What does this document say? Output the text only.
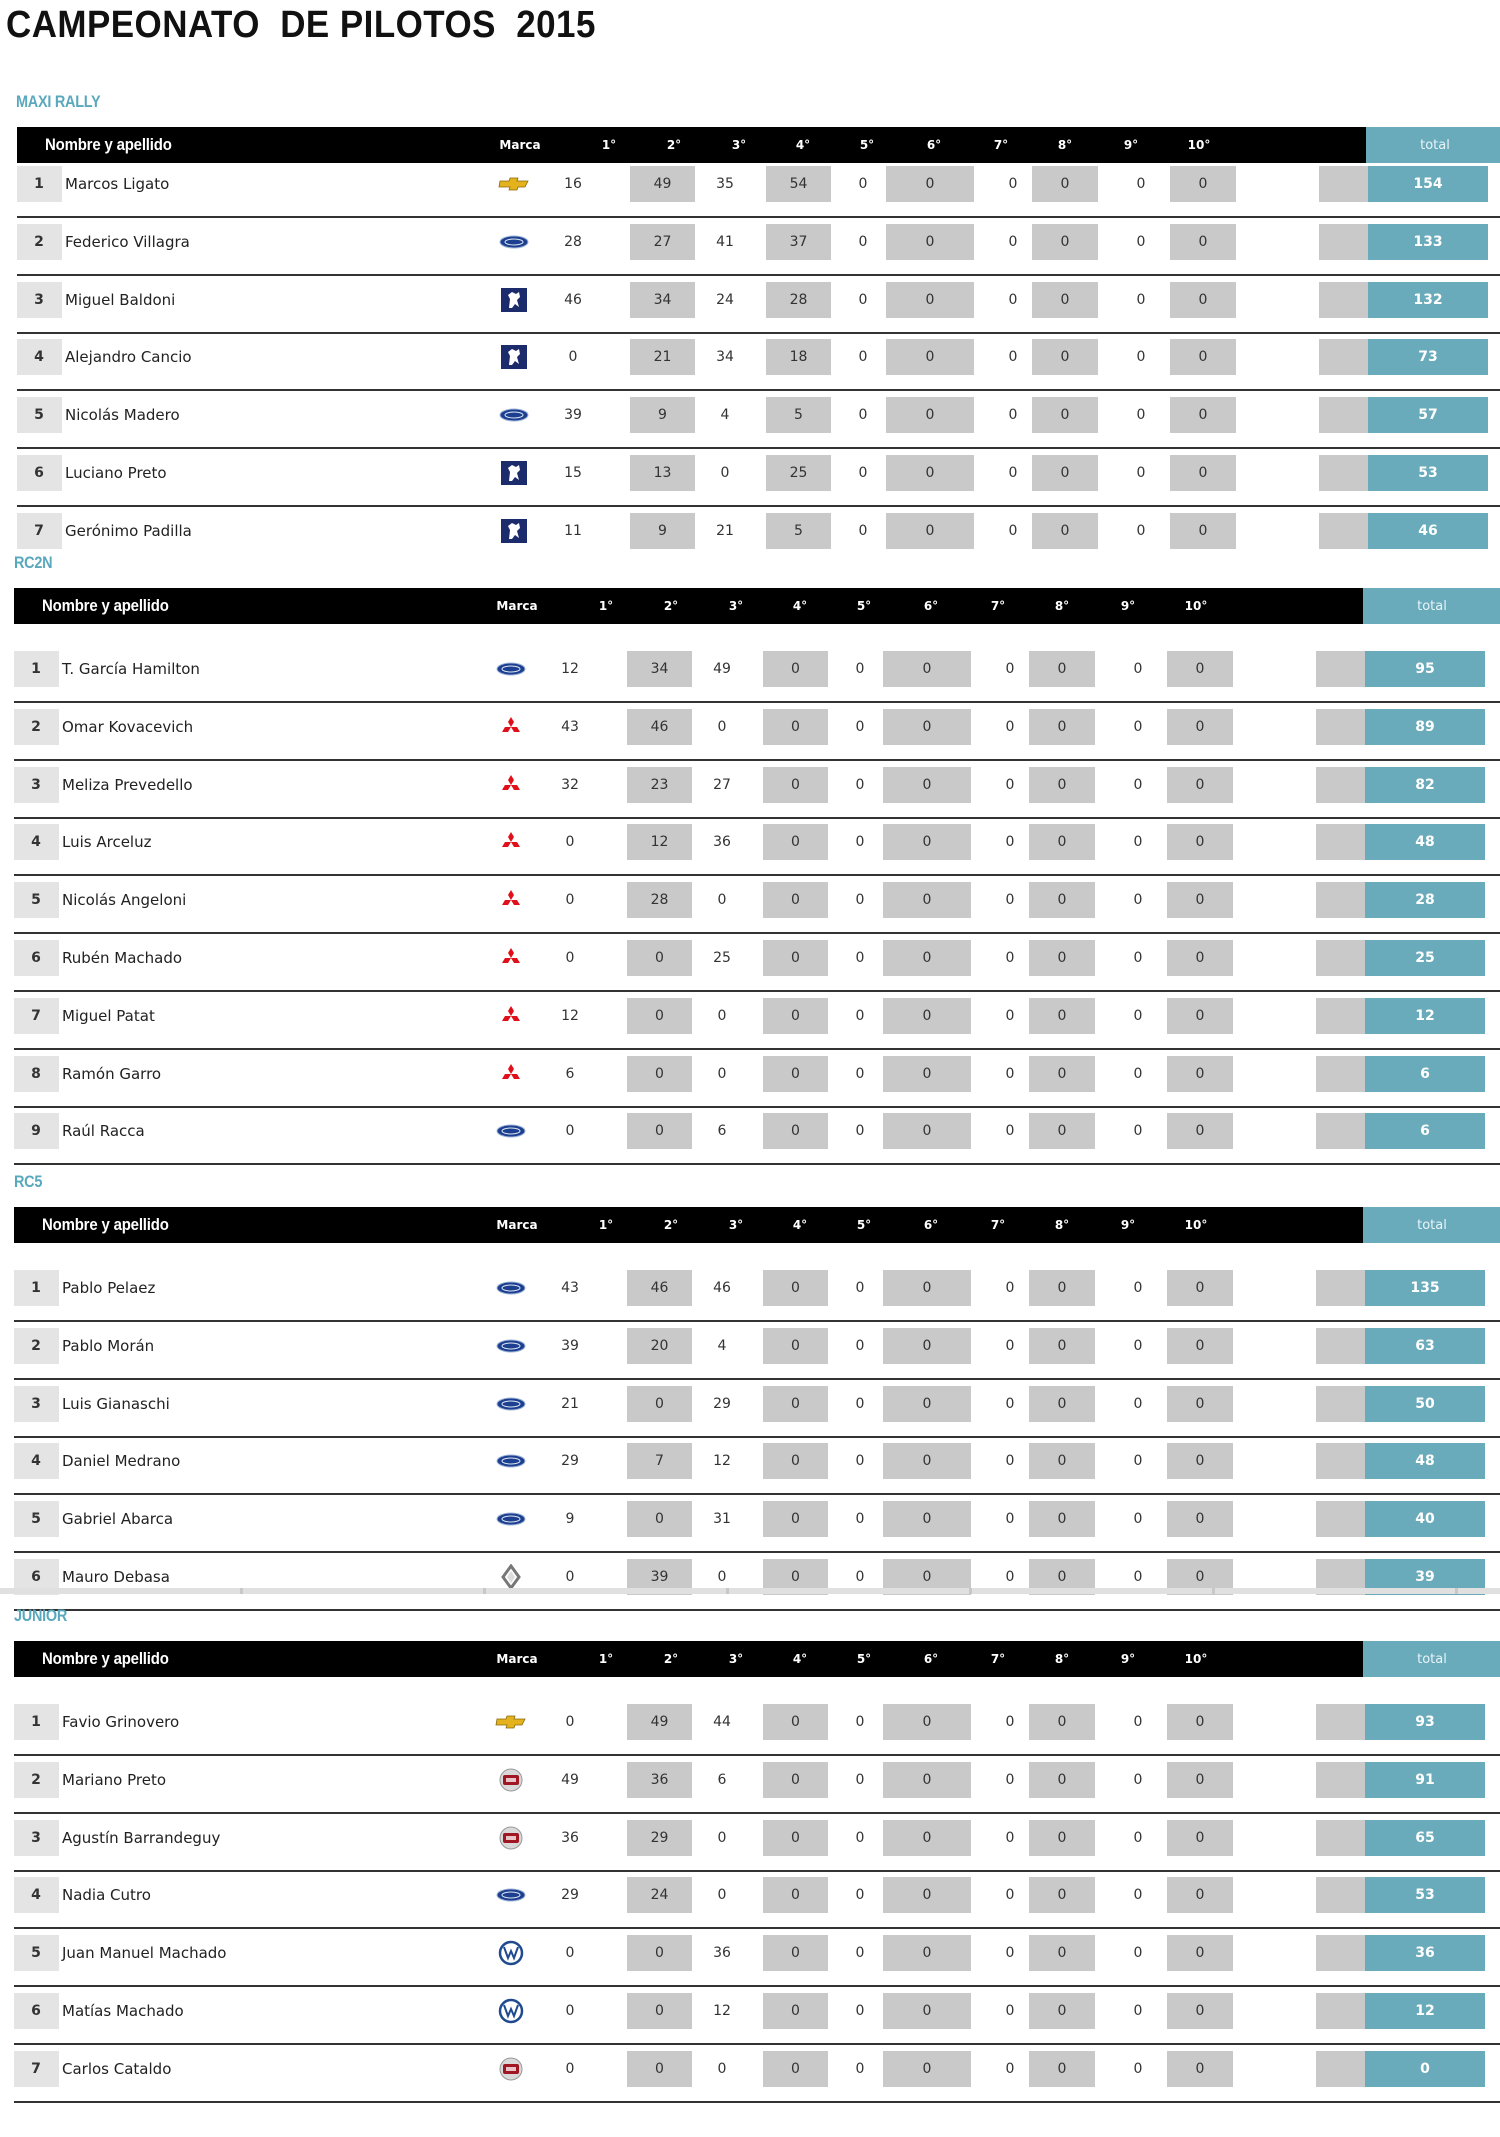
CAMPEONATO  DE PILOTOS  2015
MAXI RALLY
Nombre y apellido	Marca	1°	2°	3°	4°	5°	6°	7°	8°	9°	10°	total
1	Marcos Ligato	16	49	35	54	0	0	0	0	0	0	154
2	Federico Villagra	28	27	41	37	0	0	0	0	0	0	133
3	Miguel Baldoni	46	34	24	28	0	0	0	0	0	0	132
4	Alejandro Cancio	0	21	34	18	0	0	0	0	0	0	73
5	Nicolás Madero	39	9	4	5	0	0	0	0	0	0	57
6	Luciano Preto	15	13	0	25	0	0	0	0	0	0	53
7	Gerónimo Padilla	11	9	21	5	0	0	0	0	0	0	46
RC2N
Nombre y apellido	Marca	1°	2°	3°	4°	5°	6°	7°	8°	9°	10°	total
1	T. García Hamilton	12	34	49	0	0	0	0	0	0	0	95
2	Omar Kovacevich	43	46	0	0	0	0	0	0	0	0	89
3	Meliza Prevedello	32	23	27	0	0	0	0	0	0	0	82
4	Luis Arceluz	0	12	36	0	0	0	0	0	0	0	48
5	Nicolás Angeloni	0	28	0	0	0	0	0	0	0	0	28
6	Rubén Machado	0	0	25	0	0	0	0	0	0	0	25
7	Miguel Patat	12	0	0	0	0	0	0	0	0	0	12
8	Ramón Garro	6	0	0	0	0	0	0	0	0	0	6
9	Raúl Racca	0	0	6	0	0	0	0	0	0	0	6
RC5
Nombre y apellido	Marca	1°	2°	3°	4°	5°	6°	7°	8°	9°	10°	total
1	Pablo Pelaez	43	46	46	0	0	0	0	0	0	0	135
2	Pablo Morán	39	20	4	0	0	0	0	0	0	0	63
3	Luis Gianaschi	21	0	29	0	0	0	0	0	0	0	50
4	Daniel Medrano	29	7	12	0	0	0	0	0	0	0	48
5	Gabriel Abarca	9	0	31	0	0	0	0	0	0	0	40
6	Mauro Debasa	0	39	0	0	0	0	0	0	0	0	39
JUNIOR
Nombre y apellido	Marca	1°	2°	3°	4°	5°	6°	7°	8°	9°	10°	total
1	Favio Grinovero	0	49	44	0	0	0	0	0	0	0	93
2	Mariano Preto	49	36	6	0	0	0	0	0	0	0	91
3	Agustín Barrandeguy	36	29	0	0	0	0	0	0	0	0	65
4	Nadia Cutro	29	24	0	0	0	0	0	0	0	0	53
5	Juan Manuel Machado	0	0	36	0	0	0	0	0	0	0	36
6	Matías Machado	0	0	12	0	0	0	0	0	0	0	12
7	Carlos Cataldo	0	0	0	0	0	0	0	0	0	0	0
